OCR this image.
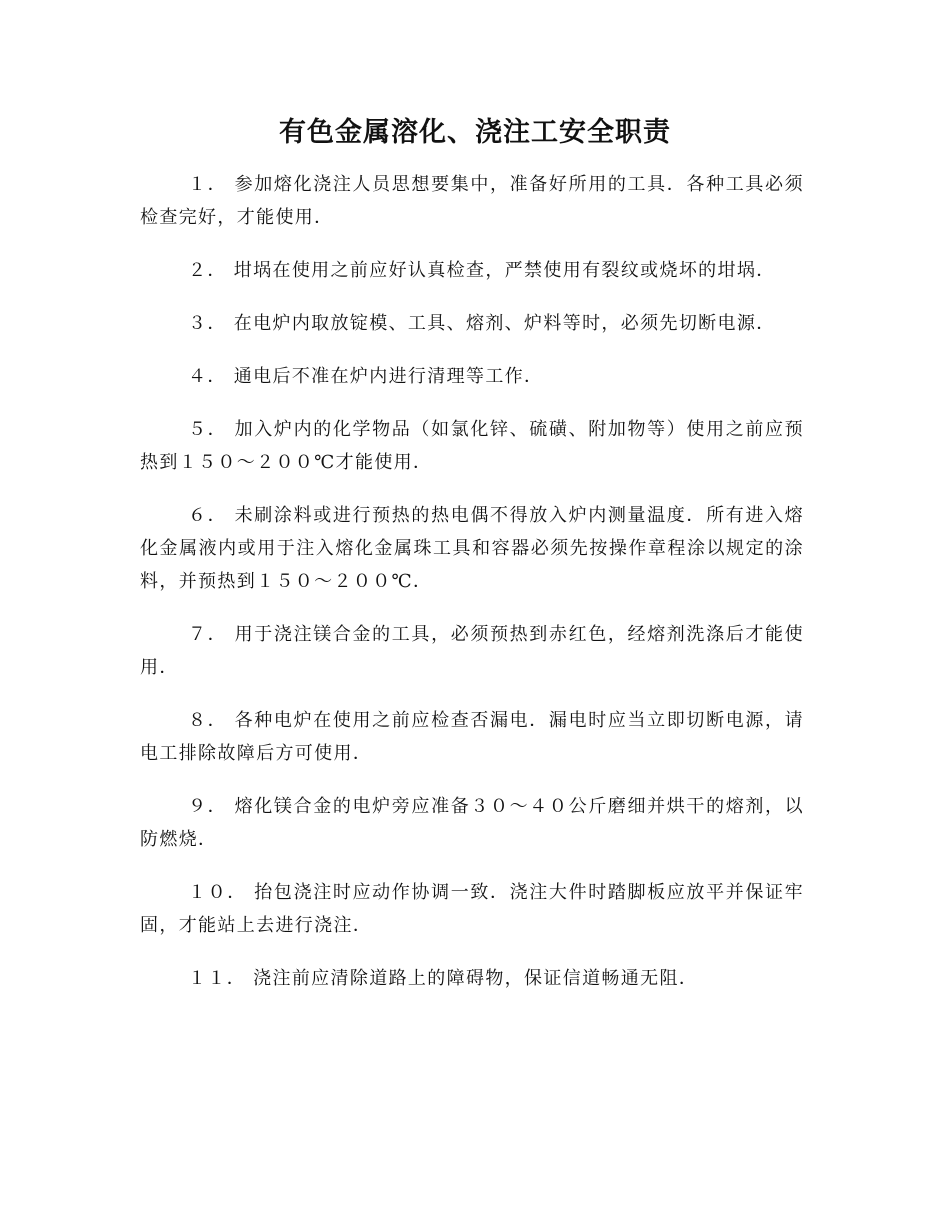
有色金属溶化、浇注工安全职责

１． 参加熔化浇注人员思想要集中，准备好所用的工具．各种工具必须检查完好，才能使用．

２． 坩埚在使用之前应好认真检查，严禁使用有裂纹或烧坏的坩埚．

３． 在电炉内取放锭模、工具、熔剂、炉料等时，必须先切断电源．

４． 通电后不准在炉内进行清理等工作．

５． 加入炉内的化学物品（如氯化锌、硫磺、附加物等）使用之前应预热到１５０～２００℃才能使用．

６． 未刷涂料或进行预热的热电偶不得放入炉内测量温度．所有进入熔化金属液内或用于注入熔化金属珠工具和容器必须先按操作章程涂以规定的涂料，并预热到１５０～２００℃．

７． 用于浇注镁合金的工具，必须预热到赤红色，经熔剂洗涤后才能使用．

８． 各种电炉在使用之前应检查否漏电．漏电时应当立即切断电源，请电工排除故障后方可使用．

９． 熔化镁合金的电炉旁应准备３０～４０公斤磨细并烘干的熔剂，以防燃烧．

１０． 抬包浇注时应动作协调一致．浇注大件时踏脚板应放平并保证牢固，才能站上去进行浇注．

１１． 浇注前应清除道路上的障碍物，保证信道畅通无阻．
